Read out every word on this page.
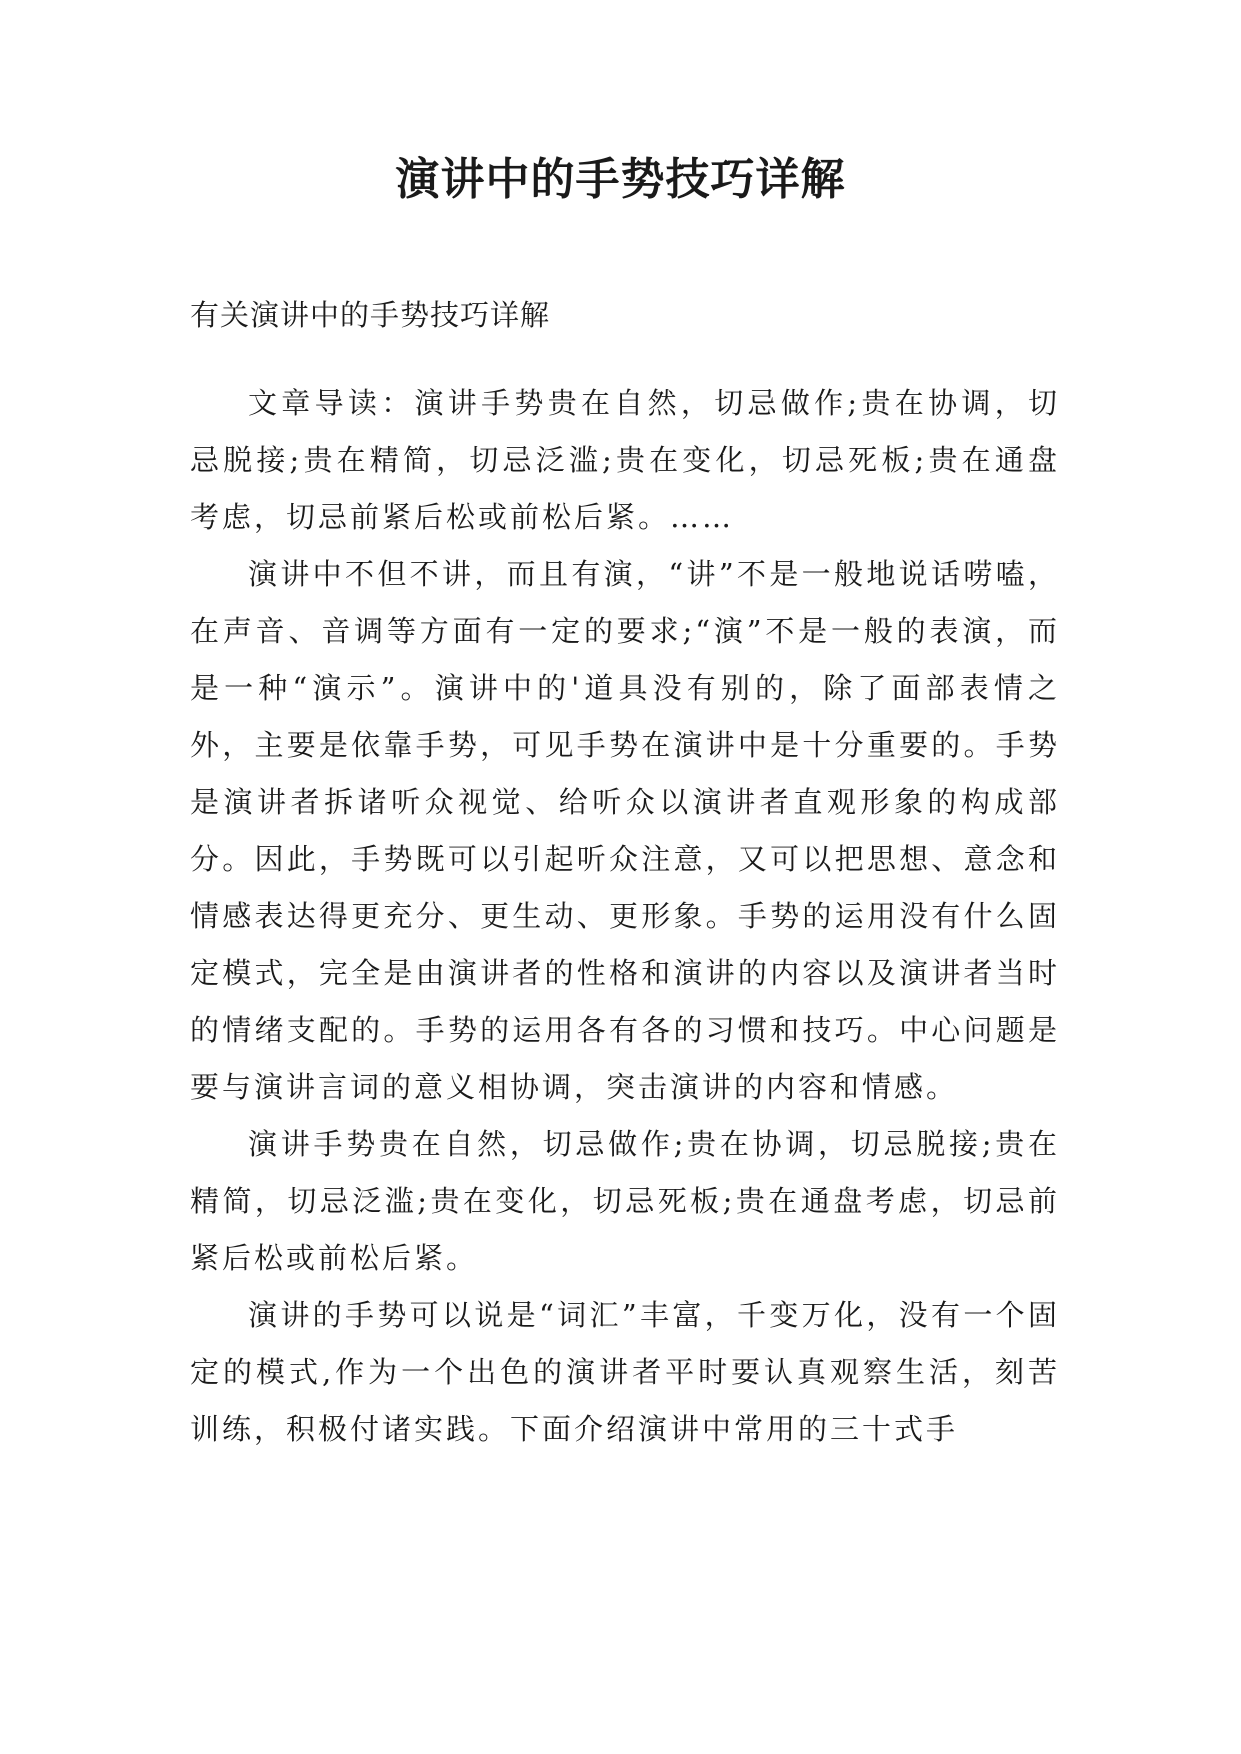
演讲中的手势技巧详解
有关演讲中的手势技巧详解

文章导读：演讲手势贵在自然，切忌做作;贵在协调，切忌脱接;贵在精简，切忌泛滥;贵在变化，切忌死板;贵在通盘考虑，切忌前紧后松或前松后紧。……

演讲中不但不讲，而且有演，“讲”不是一般地说话唠嗑，在声音、音调等方面有一定的要求;“演”不是一般的表演，而是一种“演示”。演讲中的'道具没有别的，除了面部表情之外，主要是依靠手势，可见手势在演讲中是十分重要的。手势是演讲者拆诸听众视觉、给听众以演讲者直观形象的构成部分。因此，手势既可以引起听众注意，又可以把思想、意念和情感表达得更充分、更生动、更形象。手势的运用没有什么固定模式，完全是由演讲者的性格和演讲的内容以及演讲者当时的情绪支配的。手势的运用各有各的习惯和技巧。中心问题是要与演讲言词的意义相协调，突击演讲的内容和情感。

演讲手势贵在自然，切忌做作;贵在协调，切忌脱接;贵在精简，切忌泛滥;贵在变化，切忌死板;贵在通盘考虑，切忌前紧后松或前松后紧。

演讲的手势可以说是“词汇”丰富，千变万化，没有一个固定的模式,作为一个出色的演讲者平时要认真观察生活，刻苦训练，积极付诸实践。下面介绍演讲中常用的三十式手
